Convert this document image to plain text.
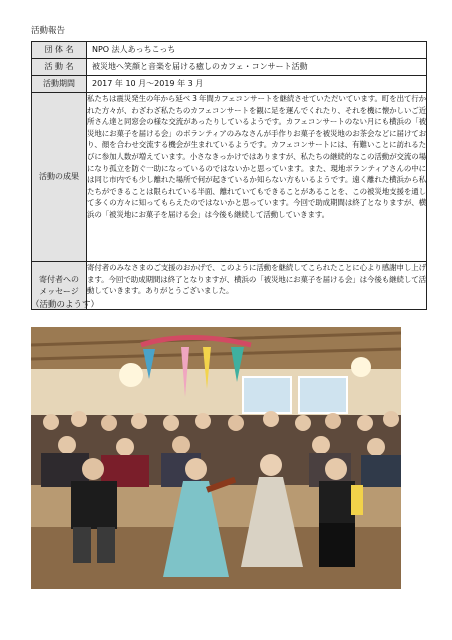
活動報告
団 体 名	NPO 法人あっちこっち
活 動 名	被災地へ笑顔と音楽を届ける癒しのカフェ・コンサート活動
活動期間	2017 年 10 月〜2019 年 3 月
活動の成果	私たちは震災発生の年から延べ 3 年間カフェコンサートを継続させていただいています。町を出て行かれた方々が、わざわざ私たちのカフェコンサートを観に足を運んでくれたり、それを機に懐かしいご近所さん達と同窓会の様な交流があったりしているようです。カフェコンサートのない月にも横浜の「被災地にお菓子を届ける会」のボランティアのみなさんが手作りお菓子を被災地のお茶会などに届けており、顔を合わせ交流する機会が生まれているようです。カフェコンサートには、有難いことに訪れるたびに参加人数が増えています。小さなきっかけではありますが、私たちの継続的なこの活動が交流の場になり孤立を防ぐ一助になっているのではないかと思っています。また、現地ボランティアさんの中には同じ市内でも少し離れた場所で何が起きているか知らない方もいるようです。遠く離れた横浜から私たちができることは限られている半面、離れていてもできることがあることを、この被災地支援を通して多くの方々に知ってもらえたのではないかと思っています。今回で助成期間は終了となりますが、横浜の「被災地にお菓子を届ける会」は今後も継続して活動していきます。
寄付者への
メッセージ	寄付者のみなさまのご支援のおかげで、このように活動を継続してこられたことに心より感謝申し上げます。今回で助成期間は終了となりますが、横浜の「被災地にお菓子を届ける会」は今後も継続して活動していきます。ありがとうございました。
（活動のようす）
